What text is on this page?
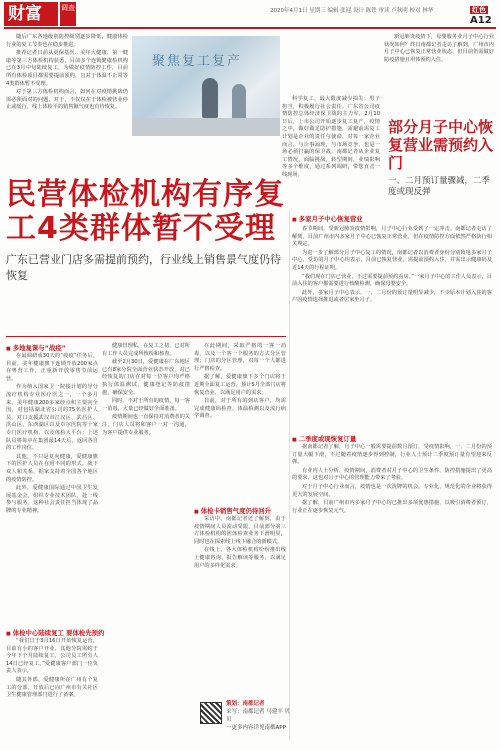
财富	调查	2020年4月1日 星期三 编辑 张迎 设计 陈铁 审读 卢秋明 校对 林华	红色A12

随后广东各地级别防控级别逐步降低，健康体检行业的复工节奏也在稳步推进。

推荐记者日前从更保基医、美年大健康、第一健康等第三方体检机构获悉，目前多个连锁健康检机构已在3月中旬陆续复工，为做好疫情防控工作，目前所有体检项目都需要提前预约，且对于体温不正常等4类群体暂不受理。

对于第三方体检机构而言，如何在对疫情挑战仍需必须面对的问题，对于，不仅仅在于体检被营业停止或缓行，线上体检平的销售额气度也有待恢复。

聚焦复工复产

科学复工，最大限度减少损失；男子担当，积极履行社会责任。广东省公司疫情防控总体经济保卫战的主力军，2月10日后，上市公司开始逐步复工复产，疫情之中，做好做足防护措施，需避前需复工计划是企业的责任与使命，对每一家企业而言，与让事涌现，与市场竞争，也是一场必须打赢的保卫战。南都记者从企业复工情况，面临挑战，转型期间，业绩影响等多个维度，通过系列调研，带您直击一线现场。

新冠肺炎疫情下，母婴服务业月子中心行业状况如何？终日南都记者走访了解到，广州市内月子中心已恢复正常营业状态，但目前仍需做好防疫措施且用体预约入住。

部分月子中心恢复营业需预约入门
一、二月预订量骤减，二季度或现反弹
民营体检机构有序复工4类群体暂不受理
广东已营业门店多需提前预约，行业线上销售景气度仍待恢复
■ 多地复课与“战疫”

在最调研成30天的“疫疫”任务后，目前，美年健康旗下连锁开放200家点在粤营工作，正重新开放零售节前运营。

作为纳入国家卫一院接计划的导分流疗机构专业医疗医之一，一个多月来，美年健康200多家经点积主要向全国，对包括湖北省公司的75名医护人员，对口支援武汉市江汉区、武昌区、洪山区、东西湖区以及卓尔医院等十家专门医疗机构，以及体检大平台；上述队员将每中在集团最14天后，返回各自的工作岗位。

其他，不只是复向健康，爱健康旗下的医护人员在在用不同的形式，战下双人和关系，据家支持着全国各个地区的疫情防控。

此外，爱健康国际通过中国卫生发展基金会，组织专业技术团队，赴一线参与服务，这种社会责任担当体现了品牌的专业精神。

■ 体检中心陆续复工 要体检先预约

“我们日于3月16日开始恢复运营，目前有小的客户开业，其他分院需约于今年下个月陆续复工，公司员工所有人14日已经复工。”爱健康客户部门一位负责人表示。

随其外部，爱健康所在广州有个复工的分部，开放后已向广州市有关社区卫生健康管理部门进行了备案。

健康管理私，在复工之初，已对所有工作人员完成所核检和核查。

截至2月30日，爱健康在广东地区已有8家分院全面营业状态开放，对已经恢复的门店在对每一位客户均严格执行体温测试、健康登记等防疫措施，确保安全。

同时，不对于所有的疫情，每一客一消毒，大量已经做好全面准备。

疫情期间也一直保持对消费者的关注，门店人员将和客户一对一沟通，为客户提供专业服务。

在此期间，采取严格的一客一消毒，以及一个客一个服务的方式分区管理；门店的分区管理，对每一个人都进行严格检查。

据了解，爱健康旗下多个门店将于近期全面复工运营，预计5月全部门店将恢复营业，以满足用户的需求。

目前，对于所有的到店客户，均需完成健康码检查、体温检测以及流行病学调查。

■ 体检卡销售气度仍待回升

采访中，南都记者还了解到，由于疫情期间人员流动受限，目前部分第三方体检机构的团体检查业务下滑明显，同时也在探索线上线下融合的新模式。

在线上，各大体检机构纷纷推出线上健康咨询、报告解读等服务，以满足用户的多样化需求。

■ 多家月子中心恢复营业

春节期间，受新冠肺炎疫情影响，月子中心行业受到了一定冲击。南都记者走访了解到，目前广州市内多家月子中心已恢复正常营业，但在疫情防控方面依然严格执行相关规定。

为进一步了解部分月子中心复工的情况，南都记者以消费者身份分别致电多家月子中心。受访的月子中心均表示，目前已恢复营业，需提前预约入住，并需出示健康码及近14天的行程证明。

“我们现在门店已营业，不过需要提前预约看房。”一家月子中心的工作人员表示，目前入住的客户都需要进行核酸检测，确保母婴安全。

此外，多家月子中心表示，一、二月份的预订量明显减少，不少原本计划入住的客户因疫情选择推迟或者居家坐月子。

■ 二季度或现恢复订量

据南都记者了解，月子中心一般需要提前数月预订，受疫情影响，一、二月份的预订量大幅下滑，不过随着疫情逐步得到控制，行业人士预计二季度预订量有望迎来反弹。

有业内人士分析，疫情期间，消费者对月子中心的卫生条件、防控措施提出了更高的要求，这也对月子中心的管理能力带来了考验。

对于月子中心行业而言，疫情也是一次洗牌的机会，专业化、规范化的企业将获得更大的发展空间。

据了解，目前广州市内多家月子中心均已推出多项优惠措施，以吸引消费者预订，行业正在逐步恢复元气。

策划：南都记者
采写：南都记者 马建丰 贝贝
一更多内容详见南都APP
